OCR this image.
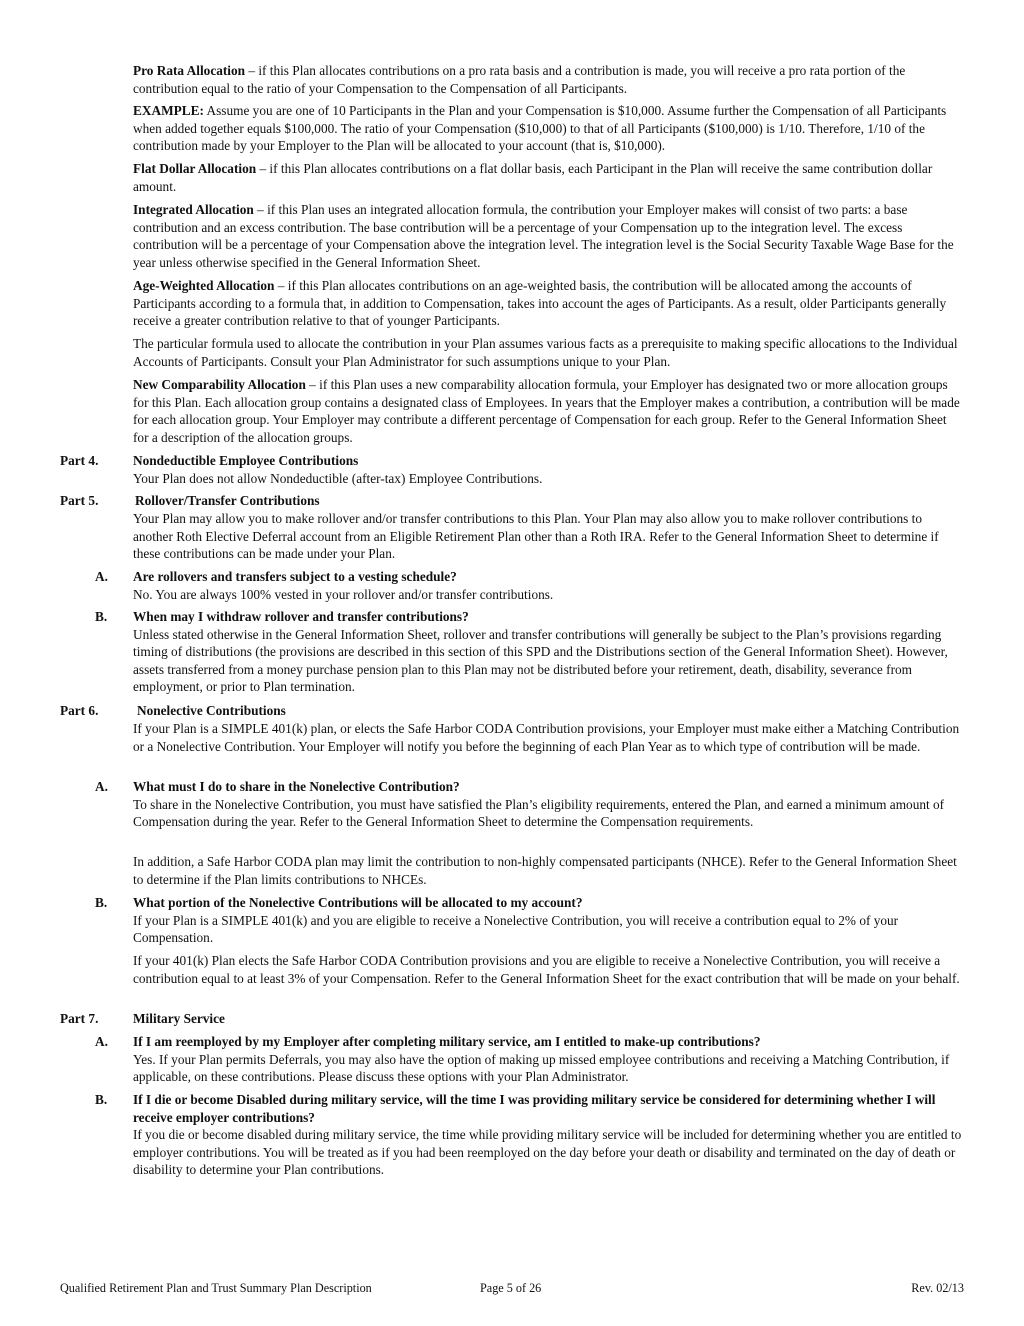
Pro Rata Allocation – if this Plan allocates contributions on a pro rata basis and a contribution is made, you will receive a pro rata portion of the contribution equal to the ratio of your Compensation to the Compensation of all Participants.

EXAMPLE: Assume you are one of 10 Participants in the Plan and your Compensation is $10,000. Assume further the Compensation of all Participants when added together equals $100,000. The ratio of your Compensation ($10,000) to that of all Participants ($100,000) is 1/10. Therefore, 1/10 of the contribution made by your Employer to the Plan will be allocated to your account (that is, $10,000).

Flat Dollar Allocation – if this Plan allocates contributions on a flat dollar basis, each Participant in the Plan will receive the same contribution dollar amount.

Integrated Allocation – if this Plan uses an integrated allocation formula, the contribution your Employer makes will consist of two parts: a base contribution and an excess contribution. The base contribution will be a percentage of your Compensation up to the integration level. The excess contribution will be a percentage of your Compensation above the integration level. The integration level is the Social Security Taxable Wage Base for the year unless otherwise specified in the General Information Sheet.

Age-Weighted Allocation – if this Plan allocates contributions on an age-weighted basis, the contribution will be allocated among the accounts of Participants according to a formula that, in addition to Compensation, takes into account the ages of Participants. As a result, older Participants generally receive a greater contribution relative to that of younger Participants.

The particular formula used to allocate the contribution in your Plan assumes various facts as a prerequisite to making specific allocations to the Individual Accounts of Participants. Consult your Plan Administrator for such assumptions unique to your Plan.

New Comparability Allocation – if this Plan uses a new comparability allocation formula, your Employer has designated two or more allocation groups for this Plan. Each allocation group contains a designated class of Employees. In years that the Employer makes a contribution, a contribution will be made for each allocation group. Your Employer may contribute a different percentage of Compensation for each group. Refer to the General Information Sheet for a description of the allocation groups.

Part 4.	Nondeductible Employee Contributions

Your Plan does not allow Nondeductible (after-tax) Employee Contributions.

Part 5.	Rollover/Transfer Contributions

Your Plan may allow you to make rollover and/or transfer contributions to this Plan. Your Plan may also allow you to make rollover contributions to another Roth Elective Deferral account from an Eligible Retirement Plan other than a Roth IRA. Refer to the General Information Sheet to determine if these contributions can be made under your Plan.

A. Are rollovers and transfers subject to a vesting schedule?

No. You are always 100% vested in your rollover and/or transfer contributions.

B. When may I withdraw rollover and transfer contributions?

Unless stated otherwise in the General Information Sheet, rollover and transfer contributions will generally be subject to the Plan’s provisions regarding timing of distributions (the provisions are described in this section of this SPD and the Distributions section of the General Information Sheet). However, assets transferred from a money purchase pension plan to this Plan may not be distributed before your retirement, death, disability, severance from employment, or prior to Plan termination.

Part 6.	Nonelective Contributions

If your Plan is a SIMPLE 401(k) plan, or elects the Safe Harbor CODA Contribution provisions, your Employer must make either a Matching Contribution or a Nonelective Contribution. Your Employer will notify you before the beginning of each Plan Year as to which type of contribution will be made.

A. What must I do to share in the Nonelective Contribution?

To share in the Nonelective Contribution, you must have satisfied the Plan’s eligibility requirements, entered the Plan, and earned a minimum amount of Compensation during the year. Refer to the General Information Sheet to determine the Compensation requirements.

In addition, a Safe Harbor CODA plan may limit the contribution to non-highly compensated participants (NHCE). Refer to the General Information Sheet to determine if the Plan limits contributions to NHCEs.

B. What portion of the Nonelective Contributions will be allocated to my account?

If your Plan is a SIMPLE 401(k) and you are eligible to receive a Nonelective Contribution, you will receive a contribution equal to 2% of your Compensation.

If your 401(k) Plan elects the Safe Harbor CODA Contribution provisions and you are eligible to receive a Nonelective Contribution, you will receive a contribution equal to at least 3% of your Compensation. Refer to the General Information Sheet for the exact contribution that will be made on your behalf.

Part 7.	Military Service

A. If I am reemployed by my Employer after completing military service, am I entitled to make-up contributions?

Yes. If your Plan permits Deferrals, you may also have the option of making up missed employee contributions and receiving a Matching Contribution, if applicable, on these contributions. Please discuss these options with your Plan Administrator.

B. If I die or become Disabled during military service, will the time I was providing military service be considered for determining whether I will receive employer contributions?

If you die or become disabled during military service, the time while providing military service will be included for determining whether you are entitled to employer contributions. You will be treated as if you had been reemployed on the day before your death or disability and terminated on the day of death or disability to determine your Plan contributions.

Qualified Retirement Plan and Trust Summary Plan Description	Page 5 of 26	Rev. 02/13
